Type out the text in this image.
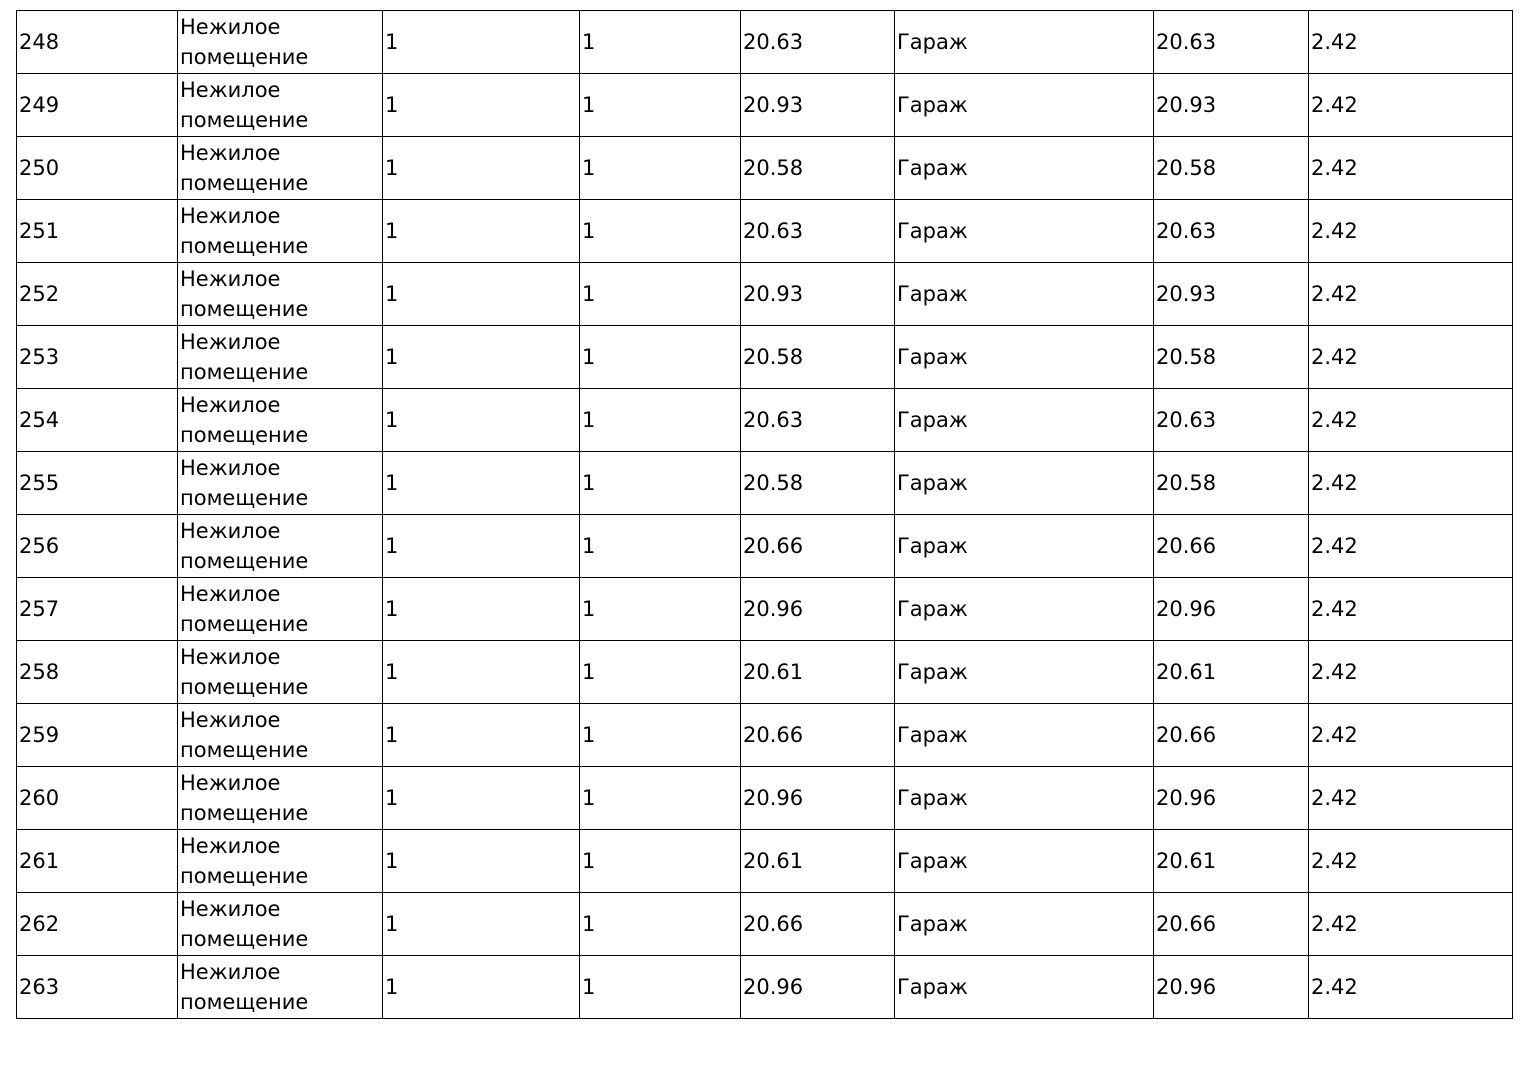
248	Нежилое помещение	1	1	20.63	Гараж	20.63	2.42
249	Нежилое помещение	1	1	20.93	Гараж	20.93	2.42
250	Нежилое помещение	1	1	20.58	Гараж	20.58	2.42
251	Нежилое помещение	1	1	20.63	Гараж	20.63	2.42
252	Нежилое помещение	1	1	20.93	Гараж	20.93	2.42
253	Нежилое помещение	1	1	20.58	Гараж	20.58	2.42
254	Нежилое помещение	1	1	20.63	Гараж	20.63	2.42
255	Нежилое помещение	1	1	20.58	Гараж	20.58	2.42
256	Нежилое помещение	1	1	20.66	Гараж	20.66	2.42
257	Нежилое помещение	1	1	20.96	Гараж	20.96	2.42
258	Нежилое помещение	1	1	20.61	Гараж	20.61	2.42
259	Нежилое помещение	1	1	20.66	Гараж	20.66	2.42
260	Нежилое помещение	1	1	20.96	Гараж	20.96	2.42
261	Нежилое помещение	1	1	20.61	Гараж	20.61	2.42
262	Нежилое помещение	1	1	20.66	Гараж	20.66	2.42
263	Нежилое помещение	1	1	20.96	Гараж	20.96	2.42
